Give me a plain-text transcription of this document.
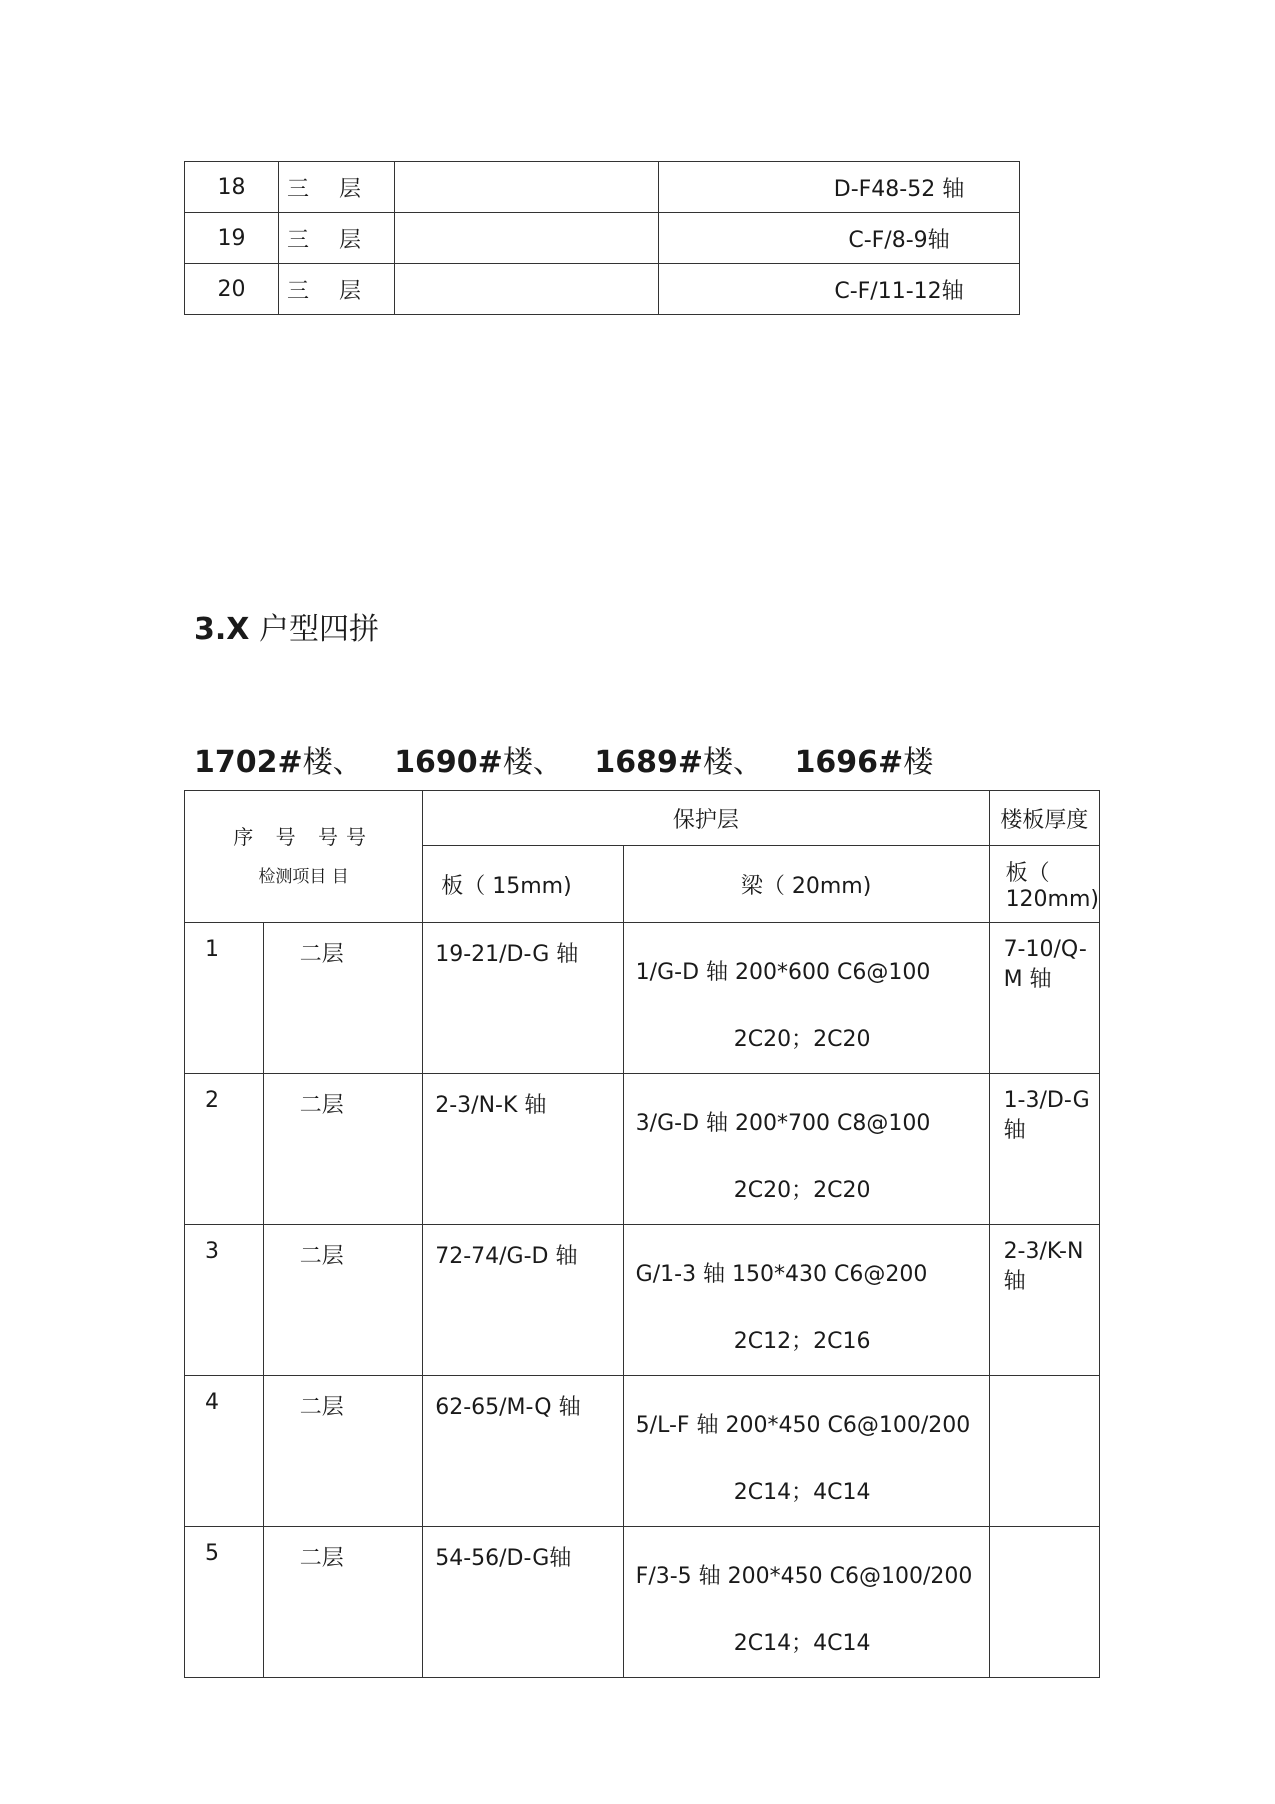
18	三 层		D-F48-52 轴
19	三 层		C-F/8-9轴
20	三 层		C-F/11-12轴
3.X 户型四拼
1702#楼、 1690#楼、 1689#楼、 1696#楼
序 号 号号
检测项目 目		保护层		楼板厚度
		板（ 15mm)	梁（ 20mm)	板（ 120mm)
1	二层	19-21/D-G 轴	1/G-D 轴 200*600 C6@100
2C20；2C20	7-10/Q-M 轴
2	二层	2-3/N-K 轴	3/G-D 轴 200*700 C8@100
2C20；2C20	1-3/D-G 轴
3	二层	72-74/G-D 轴	G/1-3 轴 150*430 C6@200
2C12；2C16	2-3/K-N 轴
4	二层	62-65/M-Q 轴	5/L-F 轴 200*450 C6@100/200
2C14；4C14	

5	二层	54-56/D-G轴	F/3-5 轴 200*450 C6@100/200
2C14；4C14	
